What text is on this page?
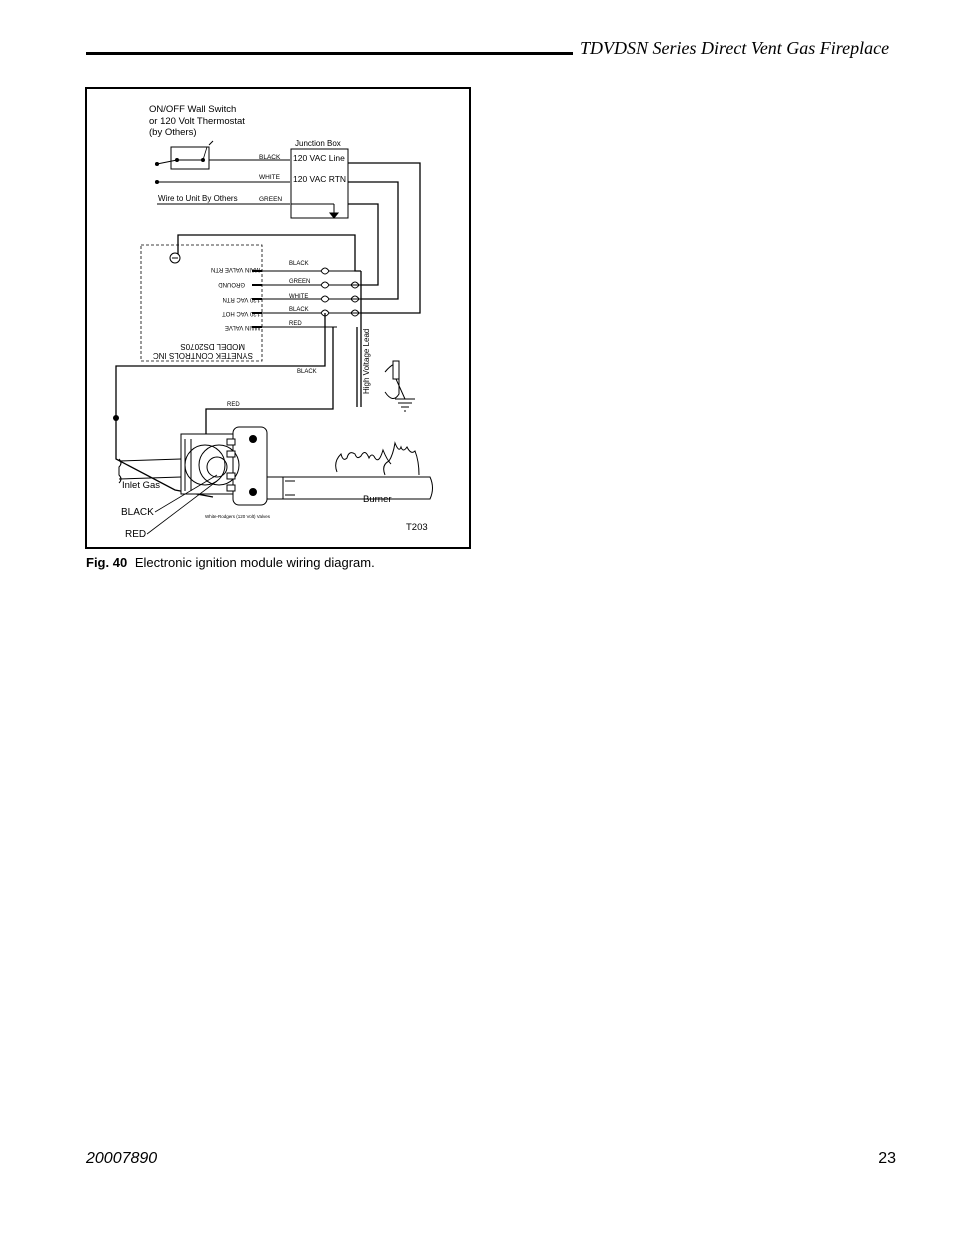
TDVDSN Series Direct Vent Gas Fireplace
ON/OFF Wall Switch
or 120 Volt Thermostat
(by Others)
BLACK
WHITE
GREEN
Wire to Unit By Others
Junction Box
120 VAC Line
120 VAC RTN
MAIN VALVE RTN
GROUND
120 VAC RTN
120 VAC HOT
MAIN VALVE
BLACK
GREEN
WHITE
BLACK
RED
SYNETEK CONTROLS INC
MODEL DS2070S
BLACK
RED
High Voltage Lead
Inlet Gas
Burner
BLACK
RED
White-Rodgers (120 Volt) Valves
T203
Fig. 40 Electronic ignition module wiring diagram.
20007890	23
